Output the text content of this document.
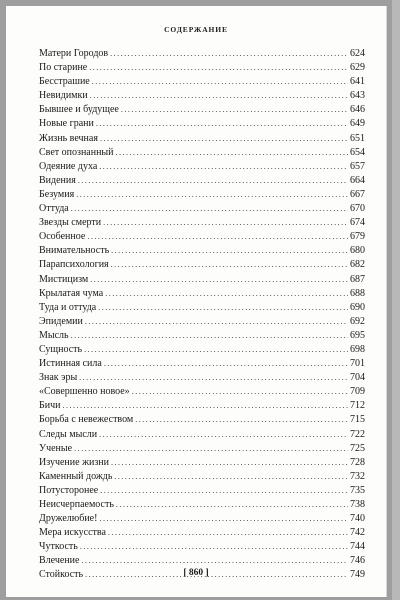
СОДЕРЖАНИЕ
Матери Городов .....	624
По старине .....	629
Бесстрашие .....	641
Невидимки .....	643
Бывшее и будущее .....	646
Новые грани .....	649
Жизнь вечная .....	651
Свет опознанный .....	654
Одеяние духа .....	657
Видения .....	664
Безумия .....	667
Оттуда .....	670
Звезды смерти .....	674
Особенное .....	679
Внимательность .....	680
Парапсихология .....	682
Мистицизм .....	687
Крылатая чума .....	688
Туда и оттуда .....	690
Эпидемии .....	692
Мысль .....	695
Сущность .....	698
Истинная сила .....	701
Знак эры .....	704
«Совершенно новое» .....	709
Бичи .....	712
Борьба с невежеством .....	715
Следы мысли .....	722
Ученые .....	725
Изучение жизни .....	728
Каменный дождь .....	732
Потусторонее .....	735
Неисчерпаемость .....	738
Дружелюбие! .....	740
Мера искусства .....	742
Чуткость .....	744
Влечение .....	746
Стойкость .....	749
[ 860 ]
